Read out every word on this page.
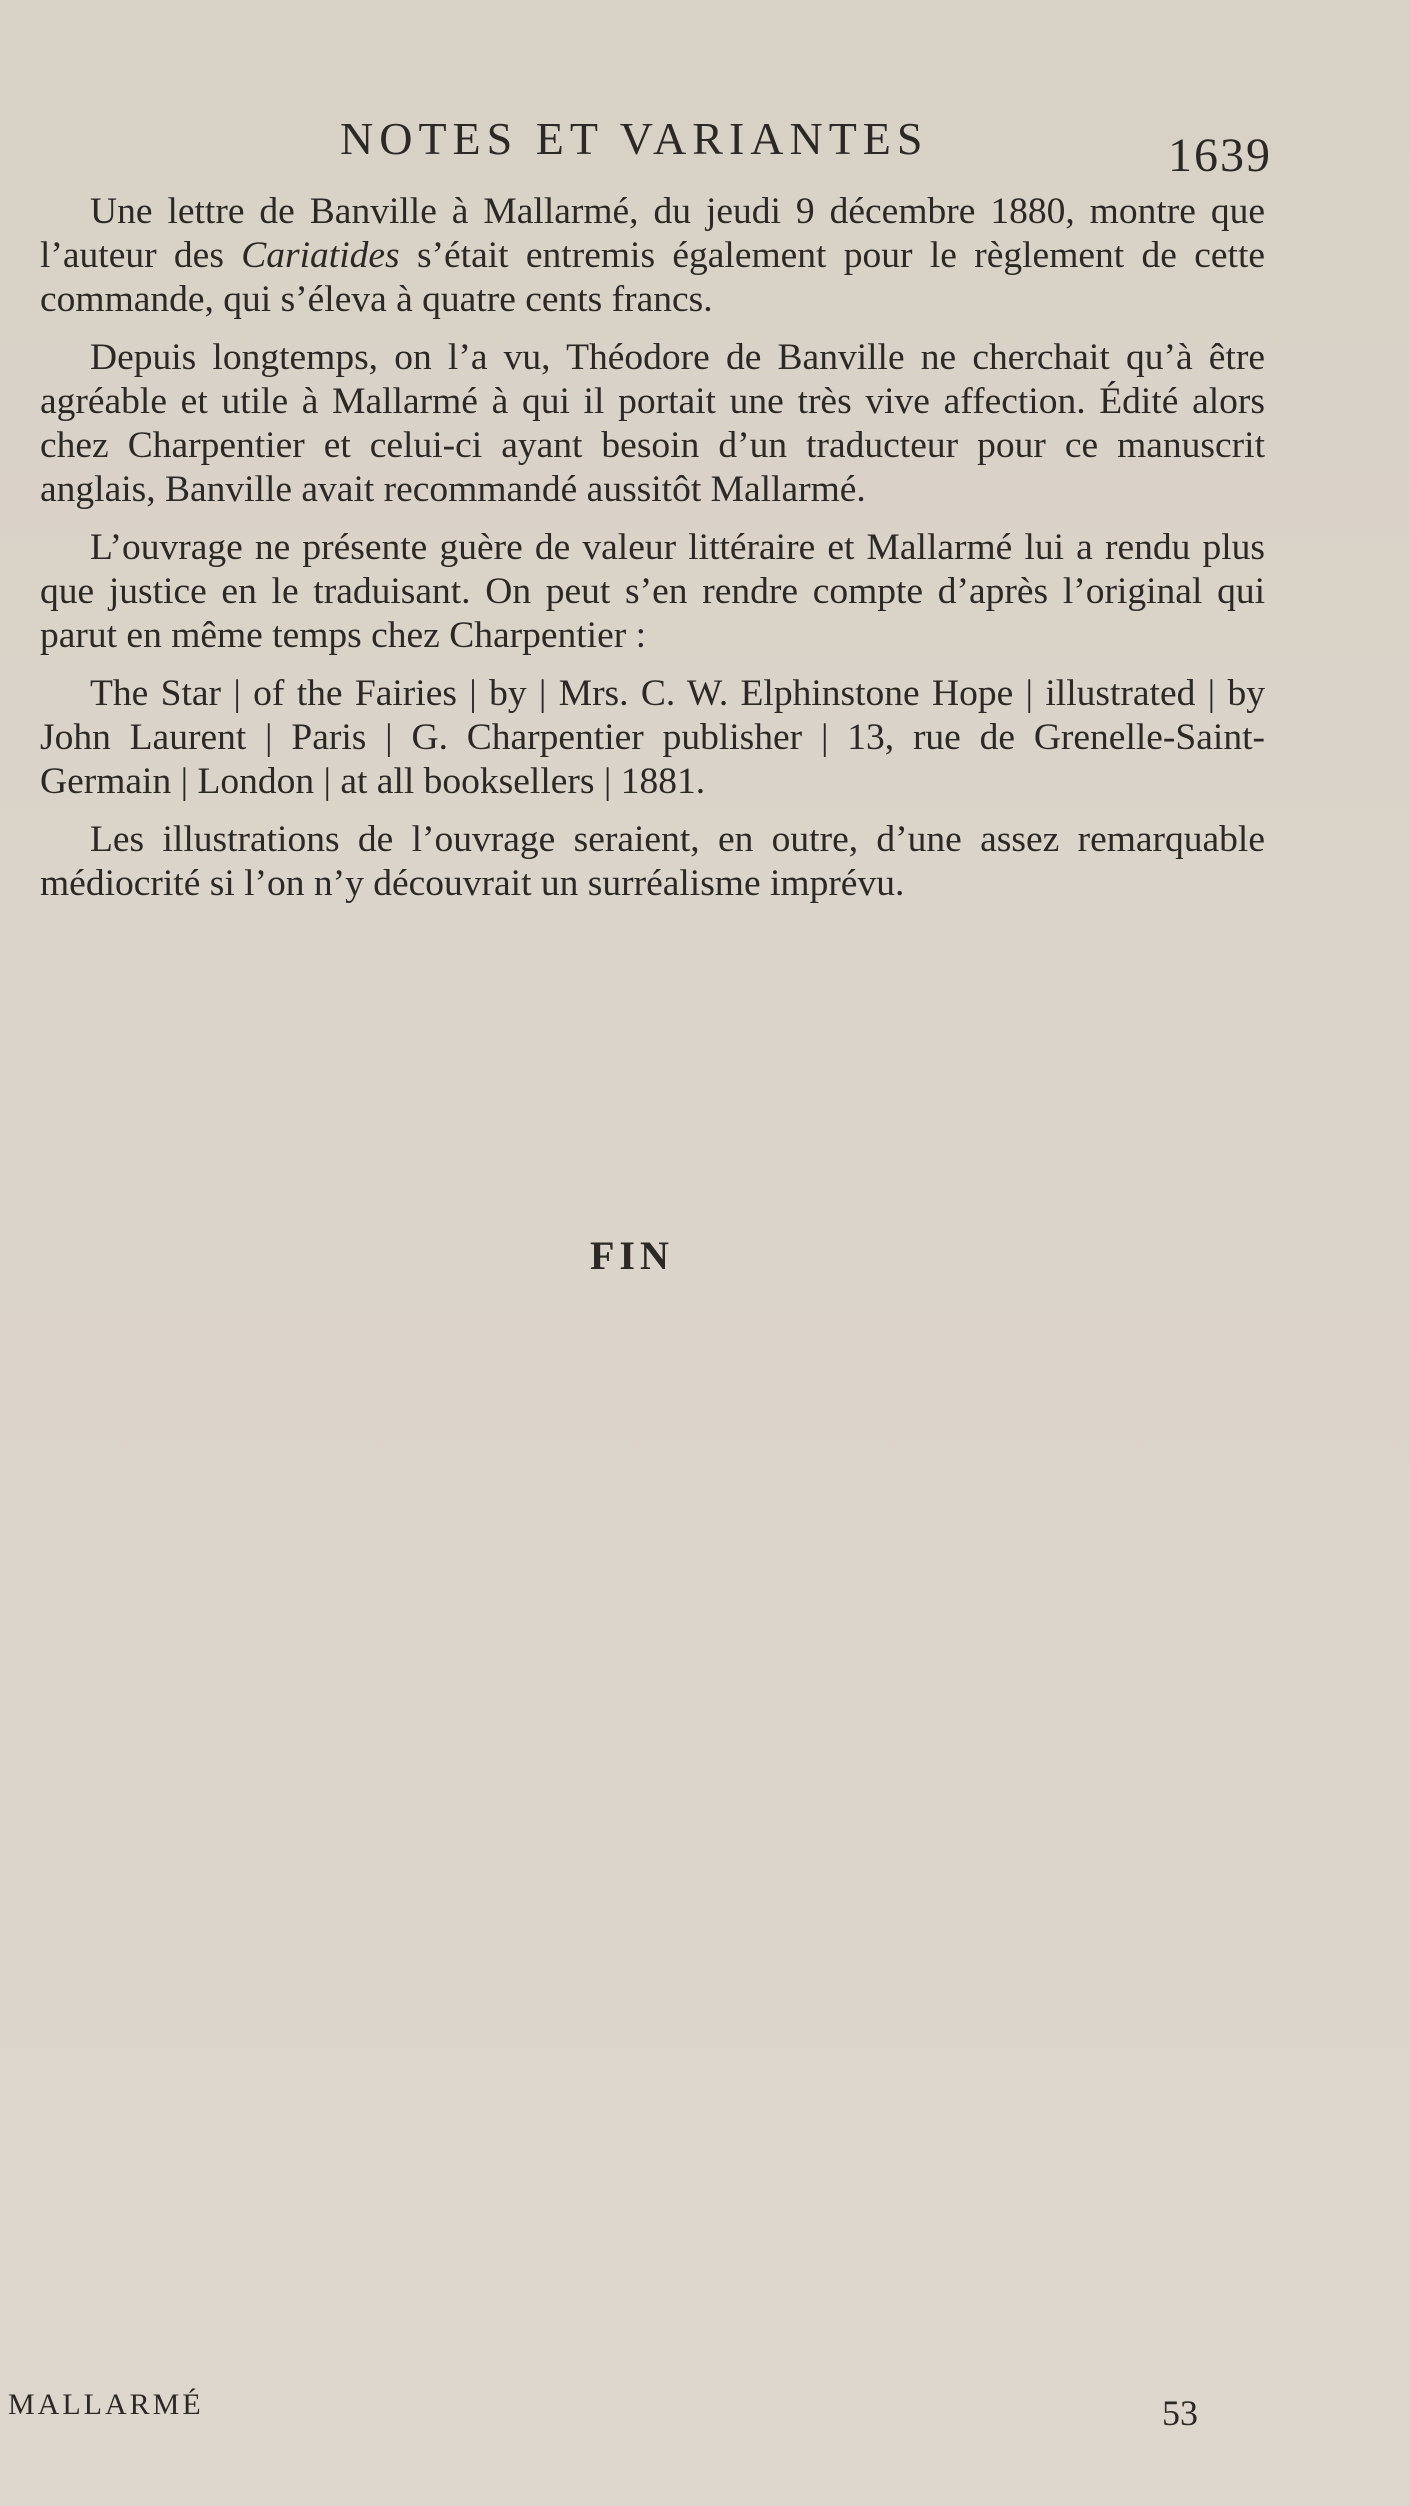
NOTES ET VARIANTES	1639

Une lettre de Banville à Mallarmé, du jeudi 9 décembre 1880, montre que l’auteur des Cariatides s’était entremis également pour le règlement de cette commande, qui s’éleva à quatre cents francs.

Depuis longtemps, on l’a vu, Théodore de Banville ne cherchait qu’à être agréable et utile à Mallarmé à qui il portait une très vive affection. Édité alors chez Charpentier et celui-ci ayant besoin d’un traducteur pour ce manuscrit anglais, Banville avait recommandé aussitôt Mallarmé.

L’ouvrage ne présente guère de valeur littéraire et Mallarmé lui a rendu plus que justice en le traduisant. On peut s’en rendre compte d’après l’original qui parut en même temps chez Charpentier :

The Star | of the Fairies | by | Mrs. C. W. Elphinstone Hope | illustrated | by John Laurent | Paris | G. Charpentier publisher | 13, rue de Grenelle-Saint-Germain | London | at all booksellers | 1881.

Les illustrations de l’ouvrage seraient, en outre, d’une assez remarquable médiocrité si l’on n’y découvrait un surréalisme imprévu.

FIN
MALLARMÉ	53
